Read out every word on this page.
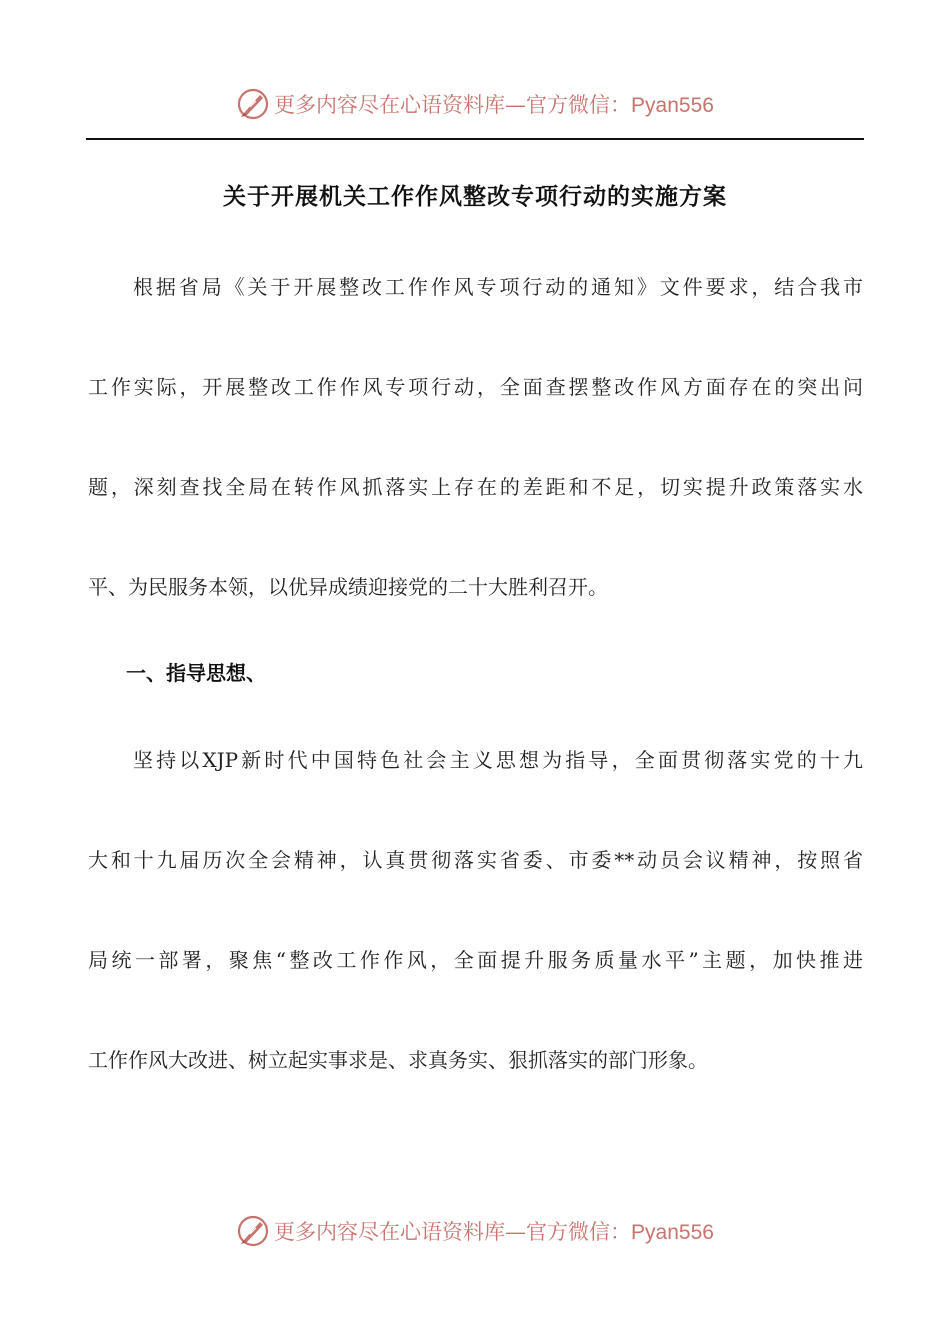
更多内容尽在心语资料库—官方微信：Pyan556
关于开展机关工作作风整改专项行动的实施方案
根据省局《关于开展整改工作作风专项行动的通知》文件要求，结合我市
工作实际，开展整改工作作风专项行动，全面查摆整改作风方面存在的突出问
题，深刻查找全局在转作风抓落实上存在的差距和不足，切实提升政策落实水
平、为民服务本领，以优异成绩迎接党的二十大胜利召开。
一、指导思想、
坚持以XJP新时代中国特色社会主义思想为指导，全面贯彻落实党的十九
大和十九届历次全会精神，认真贯彻落实省委、市委**动员会议精神，按照省
局统一部署，聚焦“整改工作作风，全面提升服务质量水平”主题，加快推进
工作作风大改进、树立起实事求是、求真务实、狠抓落实的部门形象。
更多内容尽在心语资料库—官方微信：Pyan556
